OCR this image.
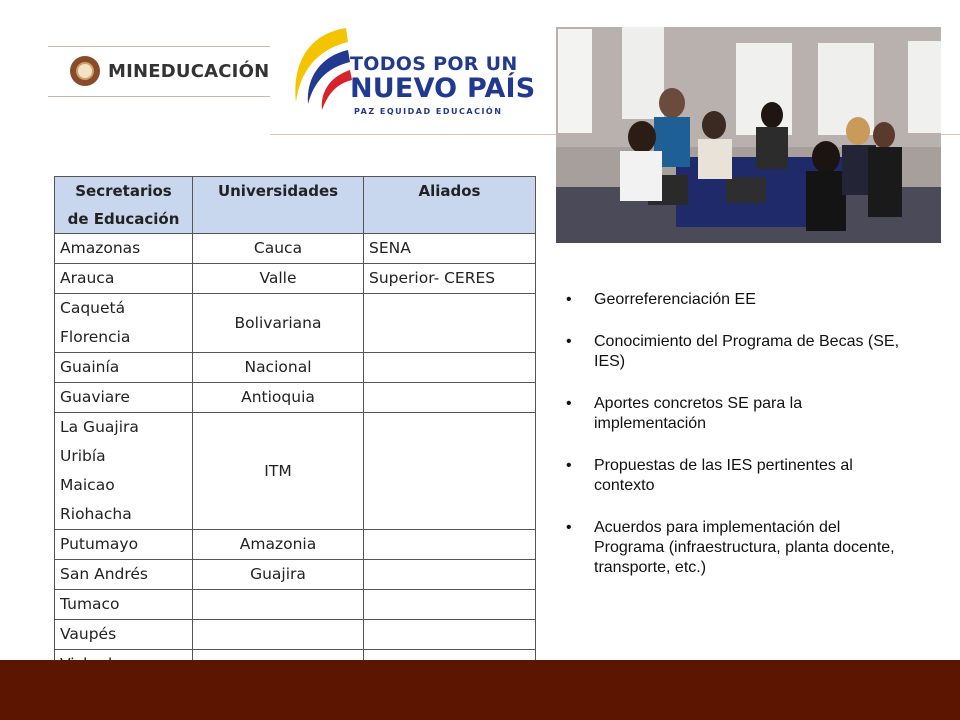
MINEDUCACIÓN	TODOS POR UN
NUEVO PAÍS
PAZ EQUIDAD EDUCACIÓN
Secretarios
de Educación	Universidades	Aliados

Amazonas	Cauca	SENA

Arauca	Valle	Superior- CERES

Caquetá
Florencia	Bolivariana	

Guainía	Nacional	

Guaviare	Antioquia	

La Guajira
Uribía
Maicao
Riohacha	ITM	

Putumayo	Amazonia	

San Andrés	Guajira	

Tumaco		

Vaupés		

• Georreferenciación EE
• Conocimiento del Programa de Becas (SE, IES)
• Aportes concretos SE para la implementación
• Propuestas de las IES pertinentes al contexto
• Acuerdos para implementación del Programa (infraestructura, planta docente, transporte, etc.)
